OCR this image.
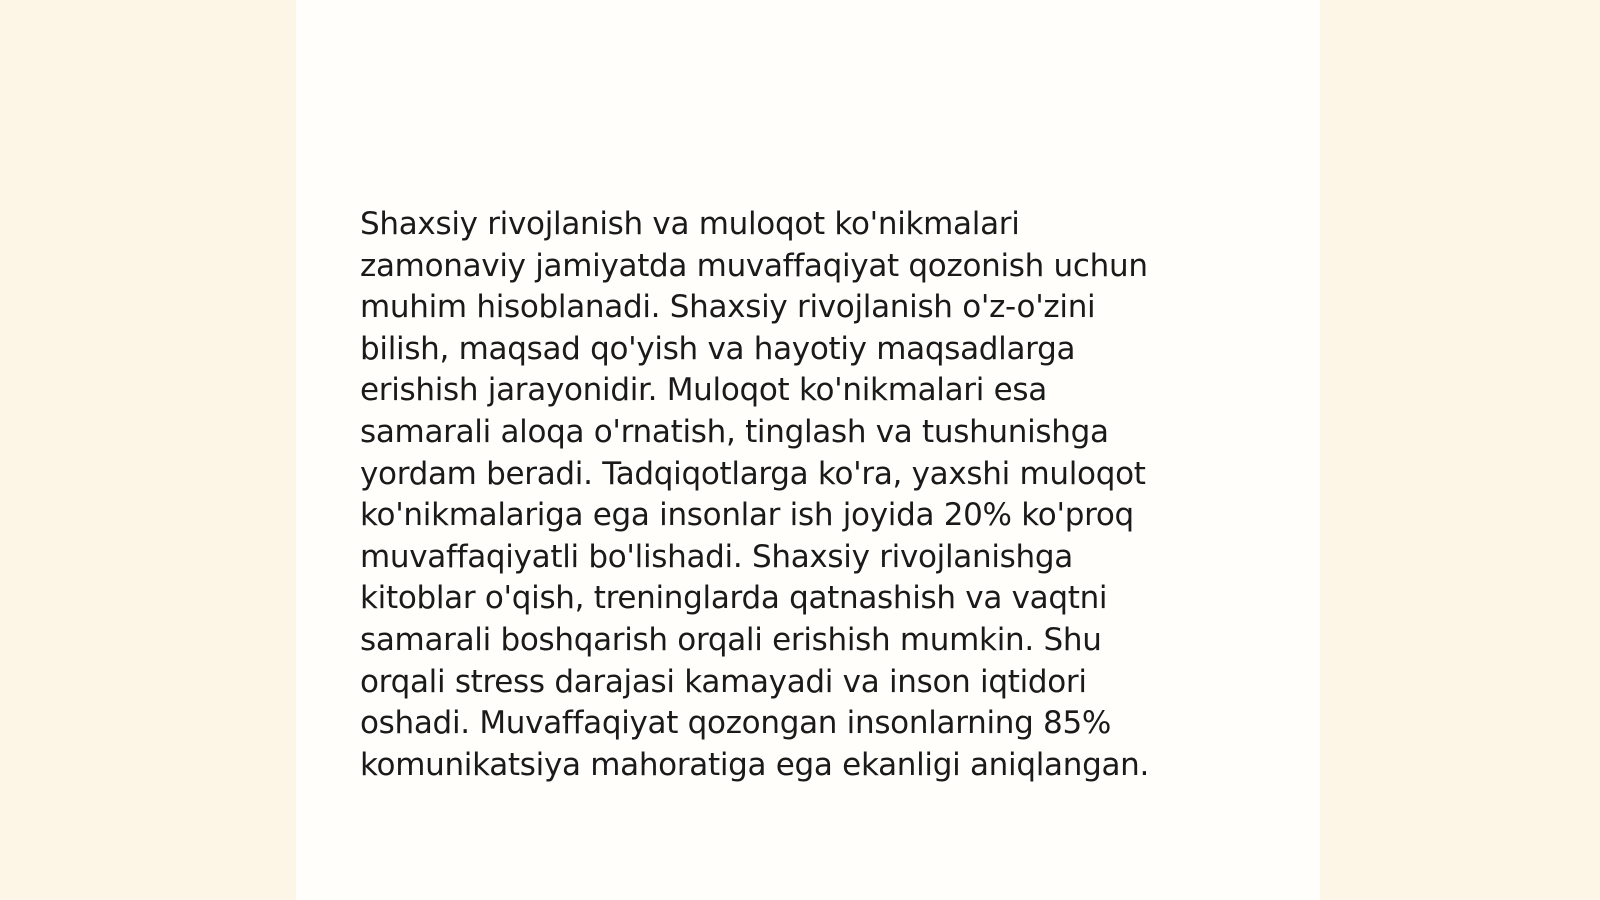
Shaxsiy rivojlanish va muloqot ko'nikmalari
zamonaviy jamiyatda muvaffaqiyat qozonish uchun
muhim hisoblanadi. Shaxsiy rivojlanish o'z-o'zini
bilish, maqsad qo'yish va hayotiy maqsadlarga
erishish jarayonidir. Muloqot ko'nikmalari esa
samarali aloqa o'rnatish, tinglash va tushunishga
yordam beradi. Tadqiqotlarga ko'ra, yaxshi muloqot
ko'nikmalariga ega insonlar ish joyida 20% ko'proq
muvaffaqiyatli bo'lishadi. Shaxsiy rivojlanishga
kitoblar o'qish, treninglarda qatnashish va vaqtni
samarali boshqarish orqali erishish mumkin. Shu
orqali stress darajasi kamayadi va inson iqtidori
oshadi. Muvaffaqiyat qozongan insonlarning 85%
komunikatsiya mahoratiga ega ekanligi aniqlangan.
